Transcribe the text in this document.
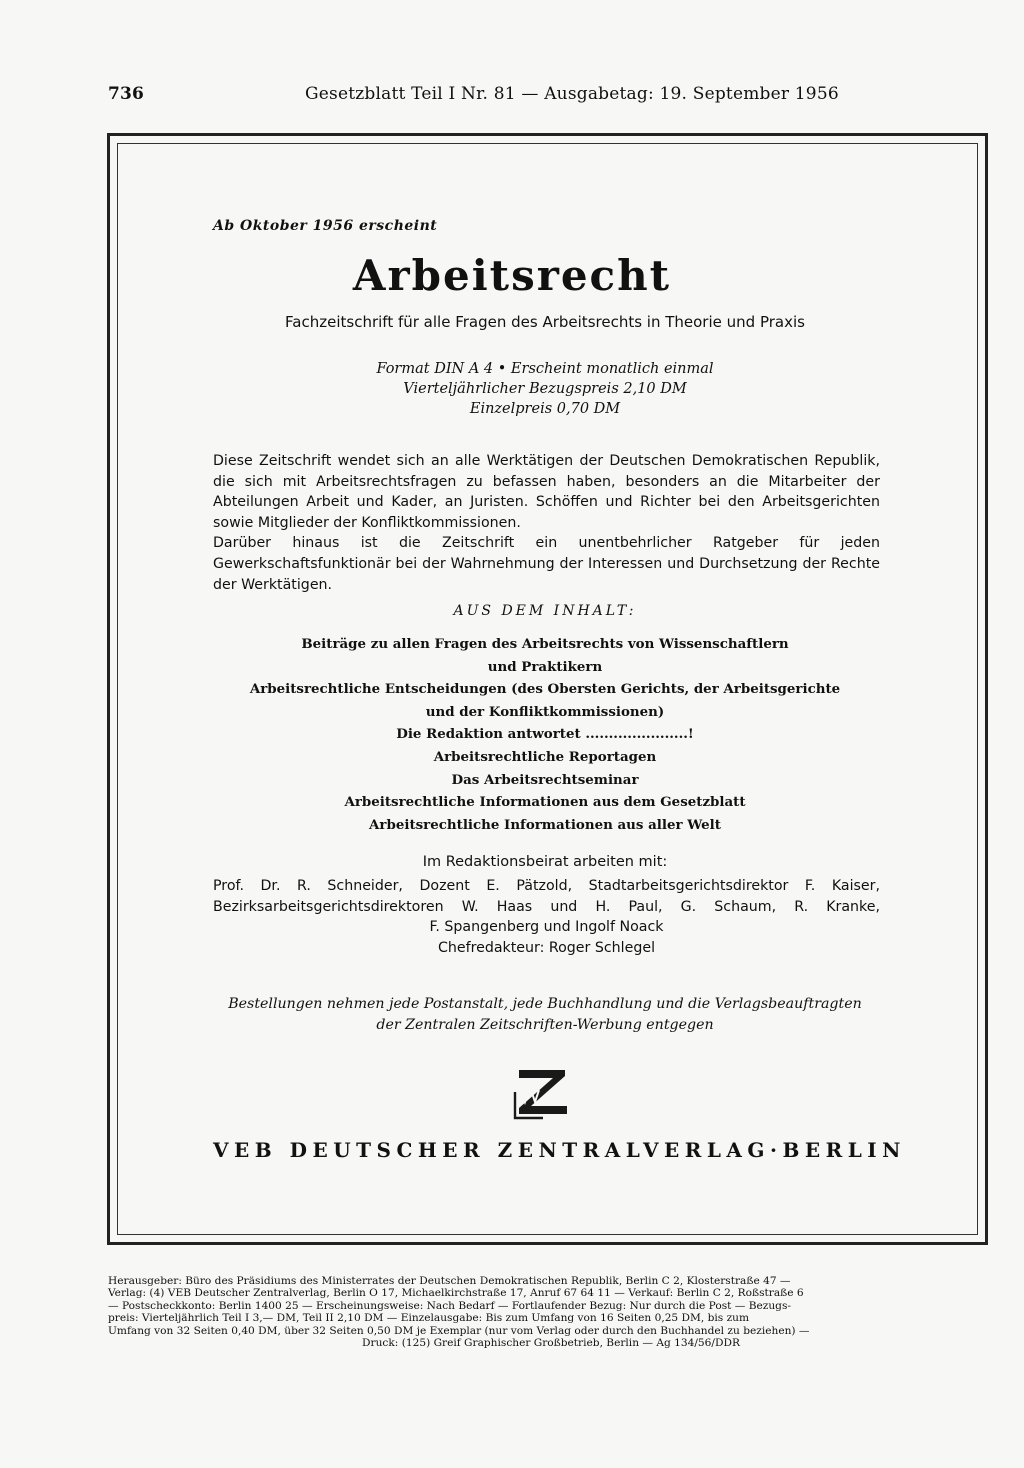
736	Gesetzblatt Teil I Nr. 81 — Ausgabetag: 19. September 1956
Ab Oktober 1956 erscheint
Arbeitsrecht
Fachzeitschrift für alle Fragen des Arbeitsrechts in Theorie und Praxis
Format DIN A 4 • Erscheint monatlich einmal
Vierteljährlicher Bezugspreis 2,10 DM
Einzelpreis 0,70 DM

Diese Zeitschrift wendet sich an alle Werktätigen der Deutschen Demokratischen Republik, die sich mit Arbeitsrechtsfragen zu befassen haben, besonders an die Mitarbeiter der Abteilungen Arbeit und Kader, an Juristen. Schöffen und Richter bei den Arbeitsgerichten sowie Mitglieder der Konfliktkommissionen.

Darüber hinaus ist die Zeitschrift ein unentbehrlicher Ratgeber für jeden Gewerkschaftsfunktionär bei der Wahrnehmung der Interessen und Durchsetzung der Rechte der Werktätigen.

AUS DEM INHALT:
Beiträge zu allen Fragen des Arbeitsrechts von Wissenschaftlern
und Praktikern
Arbeitsrechtliche Entscheidungen (des Obersten Gerichts, der Arbeitsgerichte
und der Konfliktkommissionen)
Die Redaktion antwortet ......................!
Arbeitsrechtliche Reportagen
Das Arbeitsrechtseminar
Arbeitsrechtliche Informationen aus dem Gesetzblatt
Arbeitsrechtliche Informationen aus aller Welt
Im Redaktionsbeirat arbeiten mit:
Prof. Dr. R. Schneider, Dozent E. Pätzold, Stadtarbeitsgerichtsdirektor F. Kaiser,
Bezirksarbeitsgerichtsdirektoren W. Haas und H. Paul, G. Schaum, R. Kranke,
F. Spangenberg und Ingolf Noack
Chefredakteur: Roger Schlegel
Bestellungen nehmen jede Postanstalt, jede Buchhandlung und die Verlagsbeauftragten
der Zentralen Zeitschriften-Werbung entgegen
VEB DEUTSCHER ZENTRALVERLAG·BERLIN
Herausgeber: Büro des Präsidiums des Ministerrates der Deutschen Demokratischen Republik, Berlin C 2, Klosterstraße 47 —
Verlag: (4) VEB Deutscher Zentralverlag, Berlin O 17, Michaelkirchstraße 17, Anruf 67 64 11 — Verkauf: Berlin C 2, Roßstraße 6
— Postscheckkonto: Berlin 1400 25 — Erscheinungsweise: Nach Bedarf — Fortlaufender Bezug: Nur durch die Post — Bezugs-
preis: Vierteljährlich Teil I 3,— DM, Teil II 2,10 DM — Einzelausgabe: Bis zum Umfang von 16 Seiten 0,25 DM, bis zum
Umfang von 32 Seiten 0,40 DM, über 32 Seiten 0,50 DM je Exemplar (nur vom Verlag oder durch den Buchhandel zu beziehen) —
Druck: (125) Greif Graphischer Großbetrieb, Berlin — Ag 134/56/DDR
